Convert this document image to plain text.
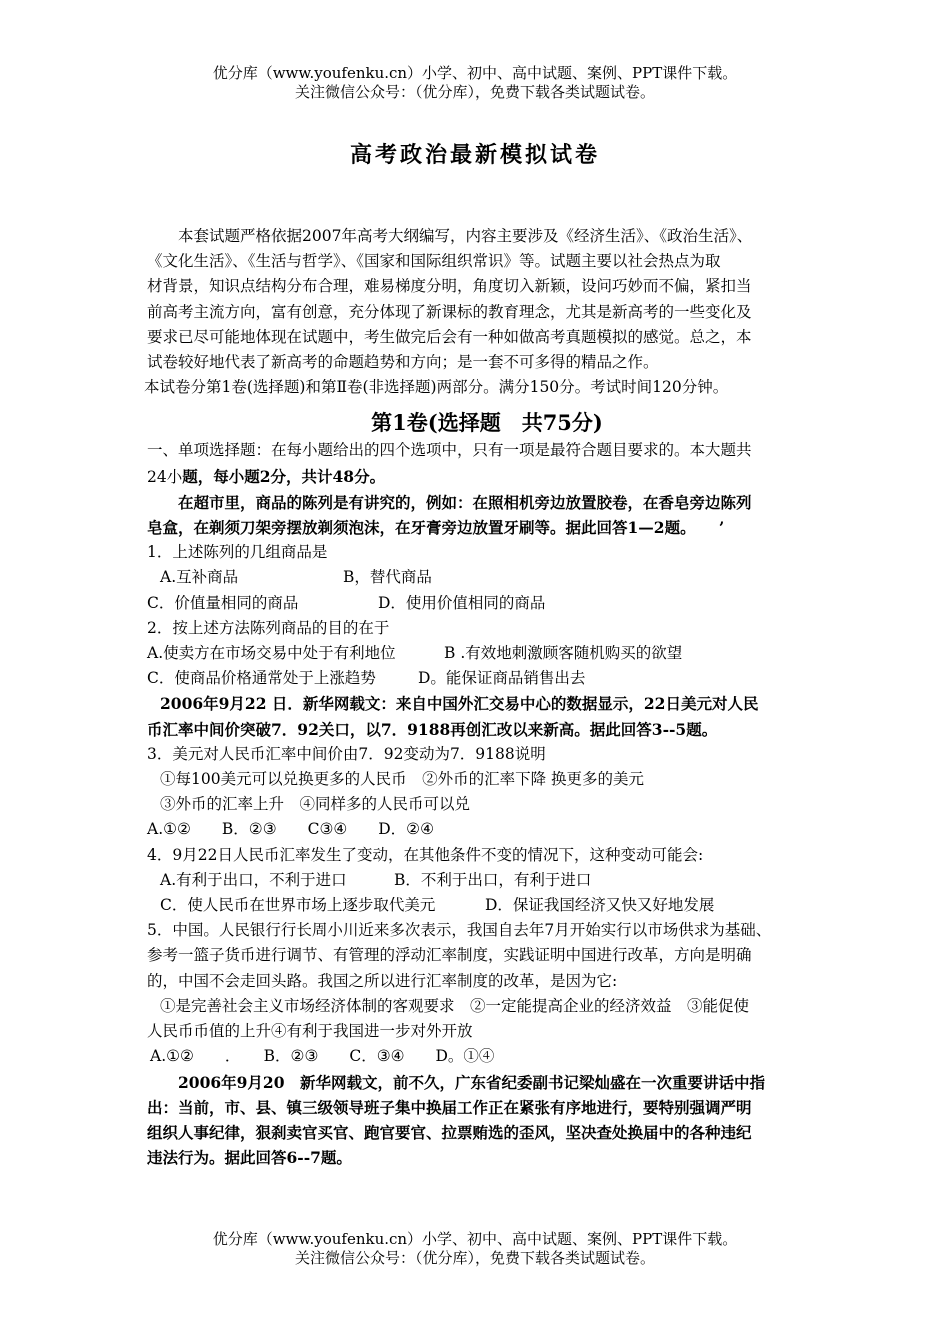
优分库（www.youfenku.cn）小学、初中、高中试题、案例、PPT课件下载。
关注微信公众号：（优分库），免费下载各类试题试卷。
高考政治最新模拟试卷

本套试题严格依据2007年高考大纲编写，内容主要涉及《经济生活》、《政治生活》、

《文化生活》、《生活与哲学》、《国家和国际组织常识》等。试题主要以社会热点为取

材背景，知识点结构分布合理，难易梯度分明，角度切入新颖，设问巧妙而不偏，紧扣当

前高考主流方向，富有创意，充分体现了新课标的教育理念，尤其是新高考的一些变化及

要求已尽可能地体现在试题中，考生做完后会有一种如做高考真题模拟的感觉。总之，本

试卷较好地代表了新高考的命题趋势和方向；是一套不可多得的精品之作。

本试卷分第1卷(选择题)和第Ⅱ卷(非选择题)两部分。满分150分。考试时间120分钟。

第1卷(选择题　共75分)

一、单项选择题：在每小题给出的四个选项中，只有一项是最符合题目要求的。本大题共

24小题，每小题2分，共计48分。

在超市里，商品的陈列是有讲究的，例如：在照相机旁边放置胶卷，在香皂旁边陈列

皂盒，在剃须刀架旁摆放剃须泡沫，在牙膏旁边放置牙刷等。据此回答1—2题。　　’

1．上述陈列的几组商品是

A.互补商品	B，替代商品

C．价值量相同的商品	D．使用价值相同的商品

2．按上述方法陈列商品的目的在于

A.使卖方在市场交易中处于有利地位	B .有效地刺激顾客随机购买的欲望

C．使商品价格通常处于上涨趋势	D。能保证商品销售出去

2006年9月22 日．新华网载文：来自中国外汇交易中心的数据显示，22日美元对人民

币汇率中间价突破7．92关口，以7．9188再创汇改以来新高。据此回答3--5题。

3．美元对人民币汇率中间价由7．92变动为7．9188说明

①每100美元可以兑换更多的人民币　②外币的汇率下降 换更多的美元

③外币的汇率上升　④同样多的人民币可以兑

A.①②　　B．②③　　C③④　　D．②④

4．9月22日人民币汇率发生了变动，在其他条件不变的情况下，这种变动可能会:

A.有利于出口，不利于进口	B．不利于出口，有利于进口

C．使人民币在世界市场上逐步取代美元	D．保证我国经济又快又好地发展

5．中国。人民银行行长周小川近来多次表示，我国自去年7月开始实行以市场供求为基础、

参考一篮子货币进行调节、有管理的浮动汇率制度，实践证明中国进行改革，方向是明确

的，中国不会走回头路。我国之所以进行汇率制度的改革，是因为它:

①是完善社会主义市场经济体制的客观要求　②一定能提高企业的经济效益　③能促使

人民币币值的上升④有利于我国进一步对外开放

A.①②　　．　　B．②③　　C．③④　　D。①④

2006年9月20　新华网载文，前不久，广东省纪委副书记梁灿盛在一次重要讲话中指

出：当前，市、县、镇三级领导班子集中换届工作正在紧张有序地进行，要特别强调严明

组织人事纪律，狠刹卖官买官、跑官要官、拉票贿选的歪风，坚决查处换届中的各种违纪

违法行为。据此回答6--7题。

优分库（www.youfenku.cn）小学、初中、高中试题、案例、PPT课件下载。
关注微信公众号：（优分库），免费下载各类试题试卷。
